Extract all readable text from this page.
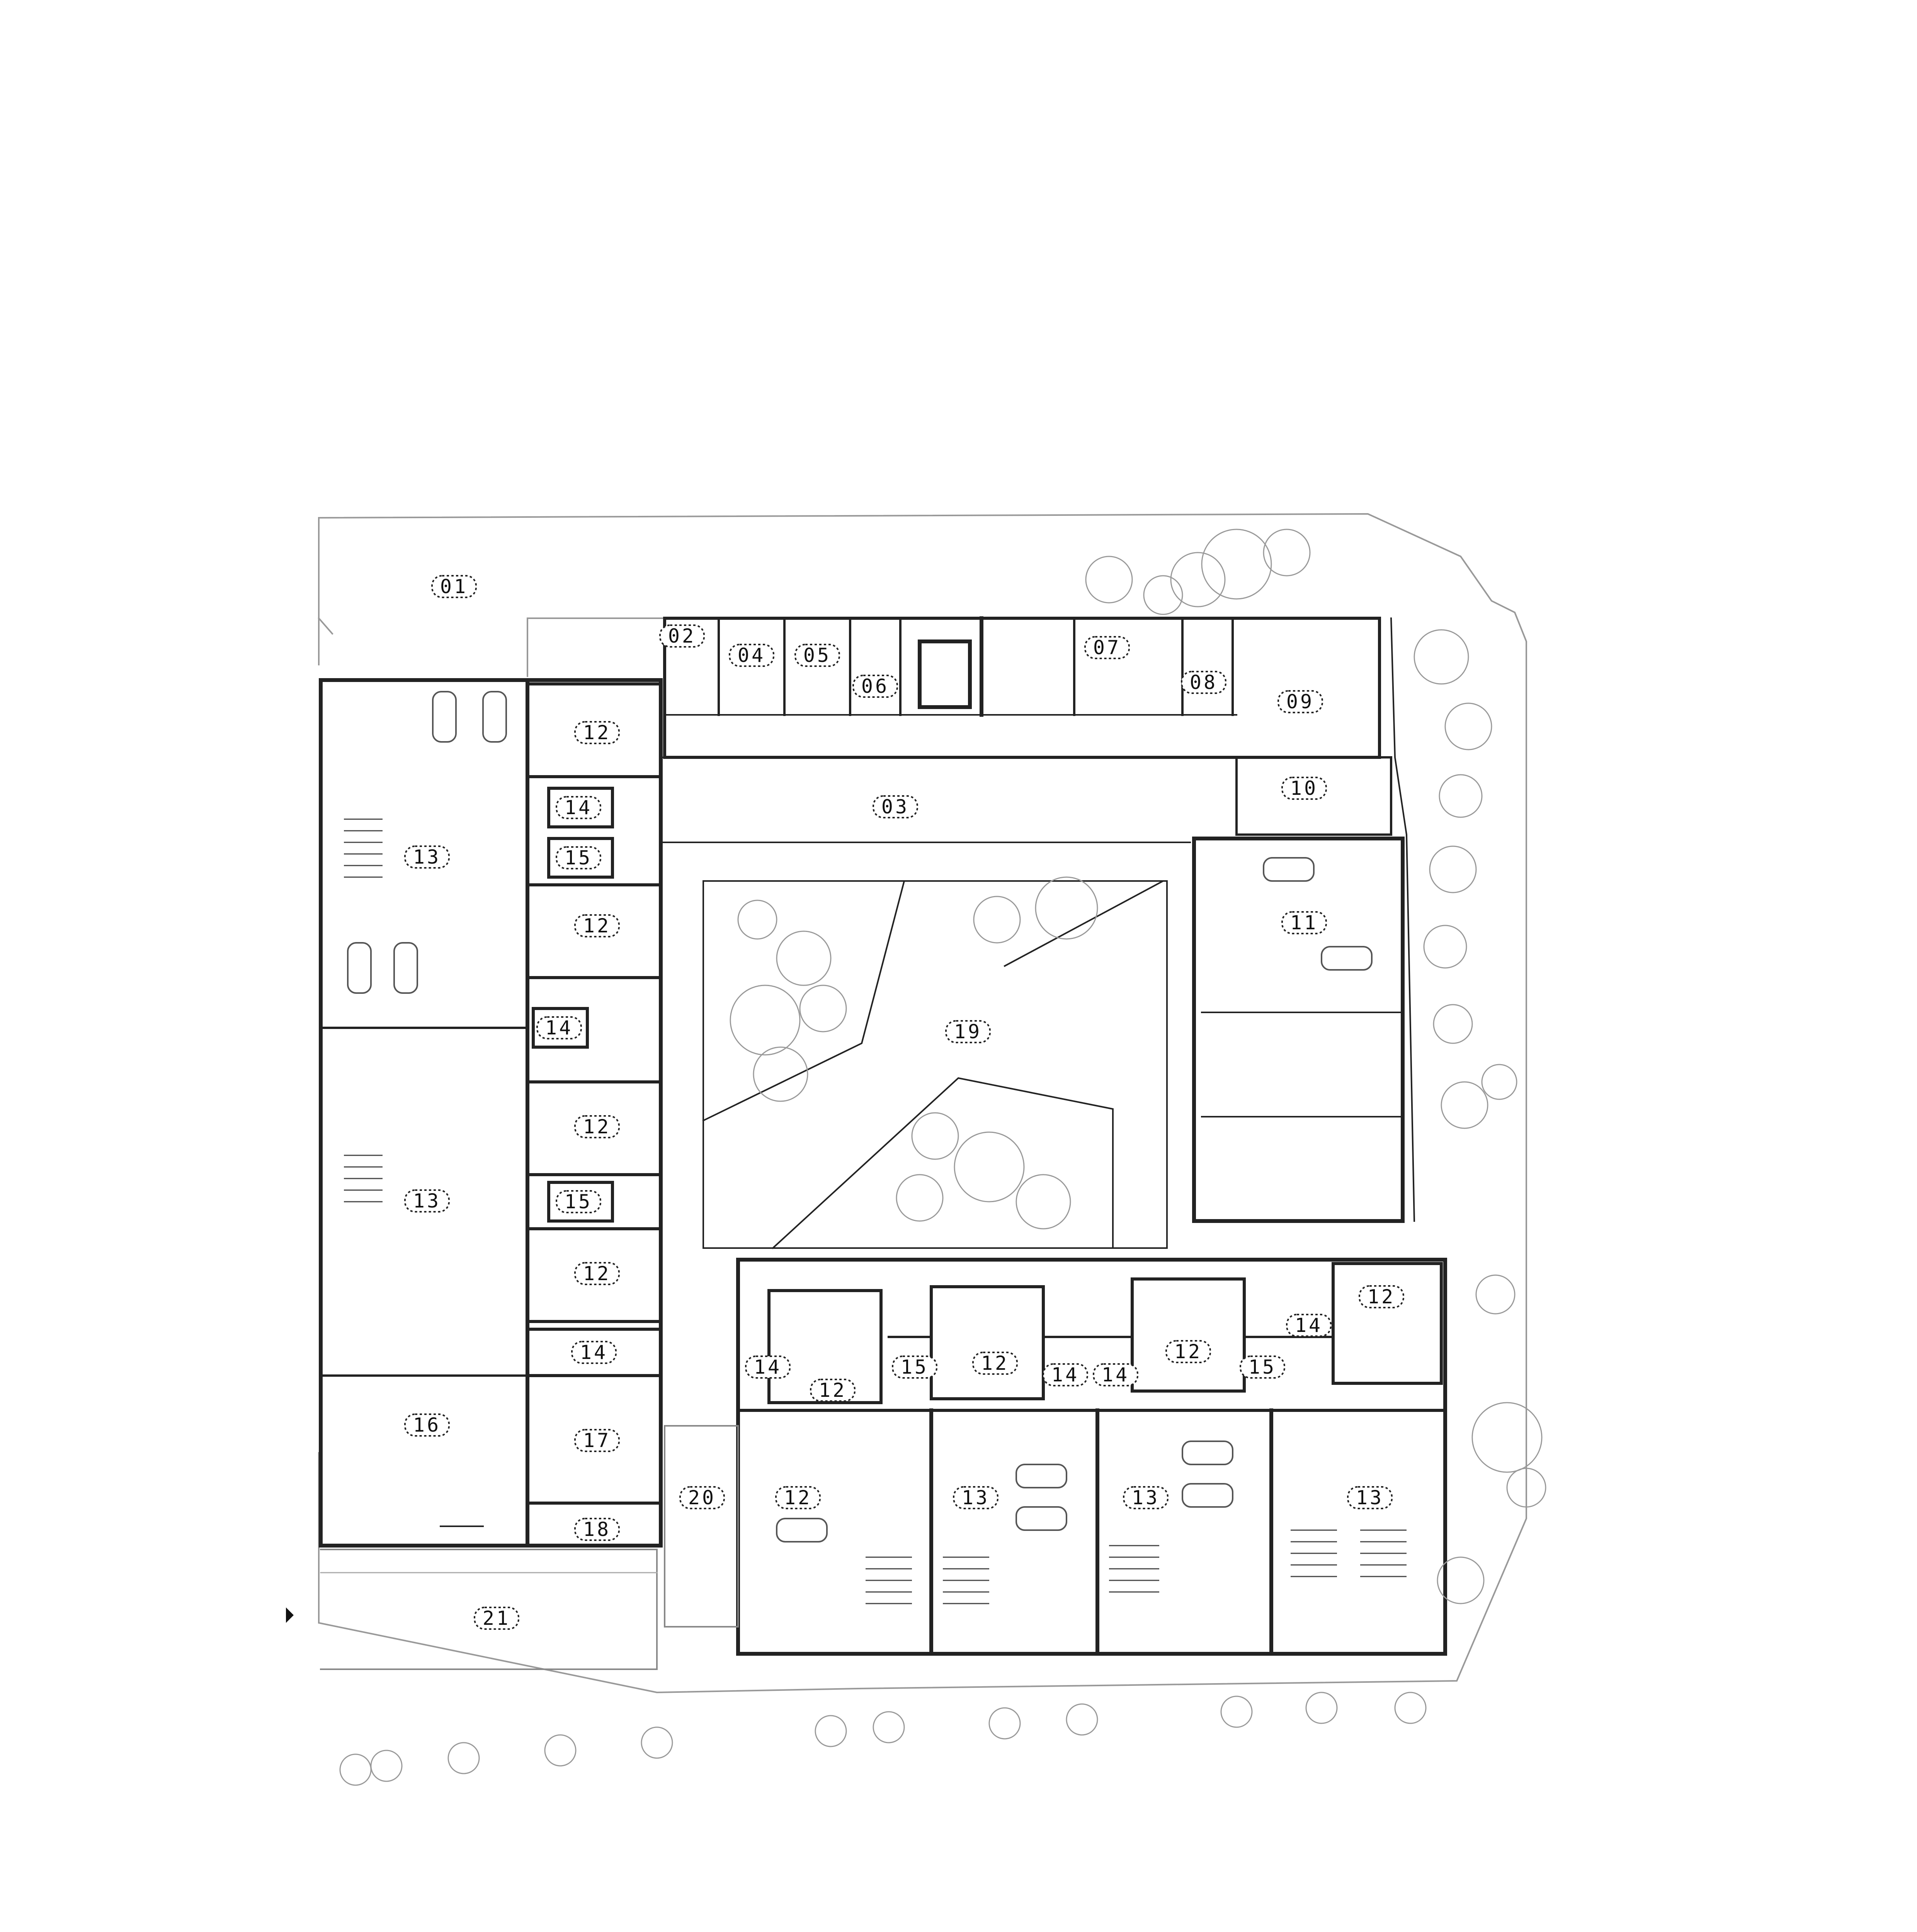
01
02
03
04 05
06
07
08
09
10
11
12
12
12
12
12
12
12
12
12
13
13
13	13	13
14
14
14
14	14 14
14
15
15
15	15
16
17
18
19
20
21
